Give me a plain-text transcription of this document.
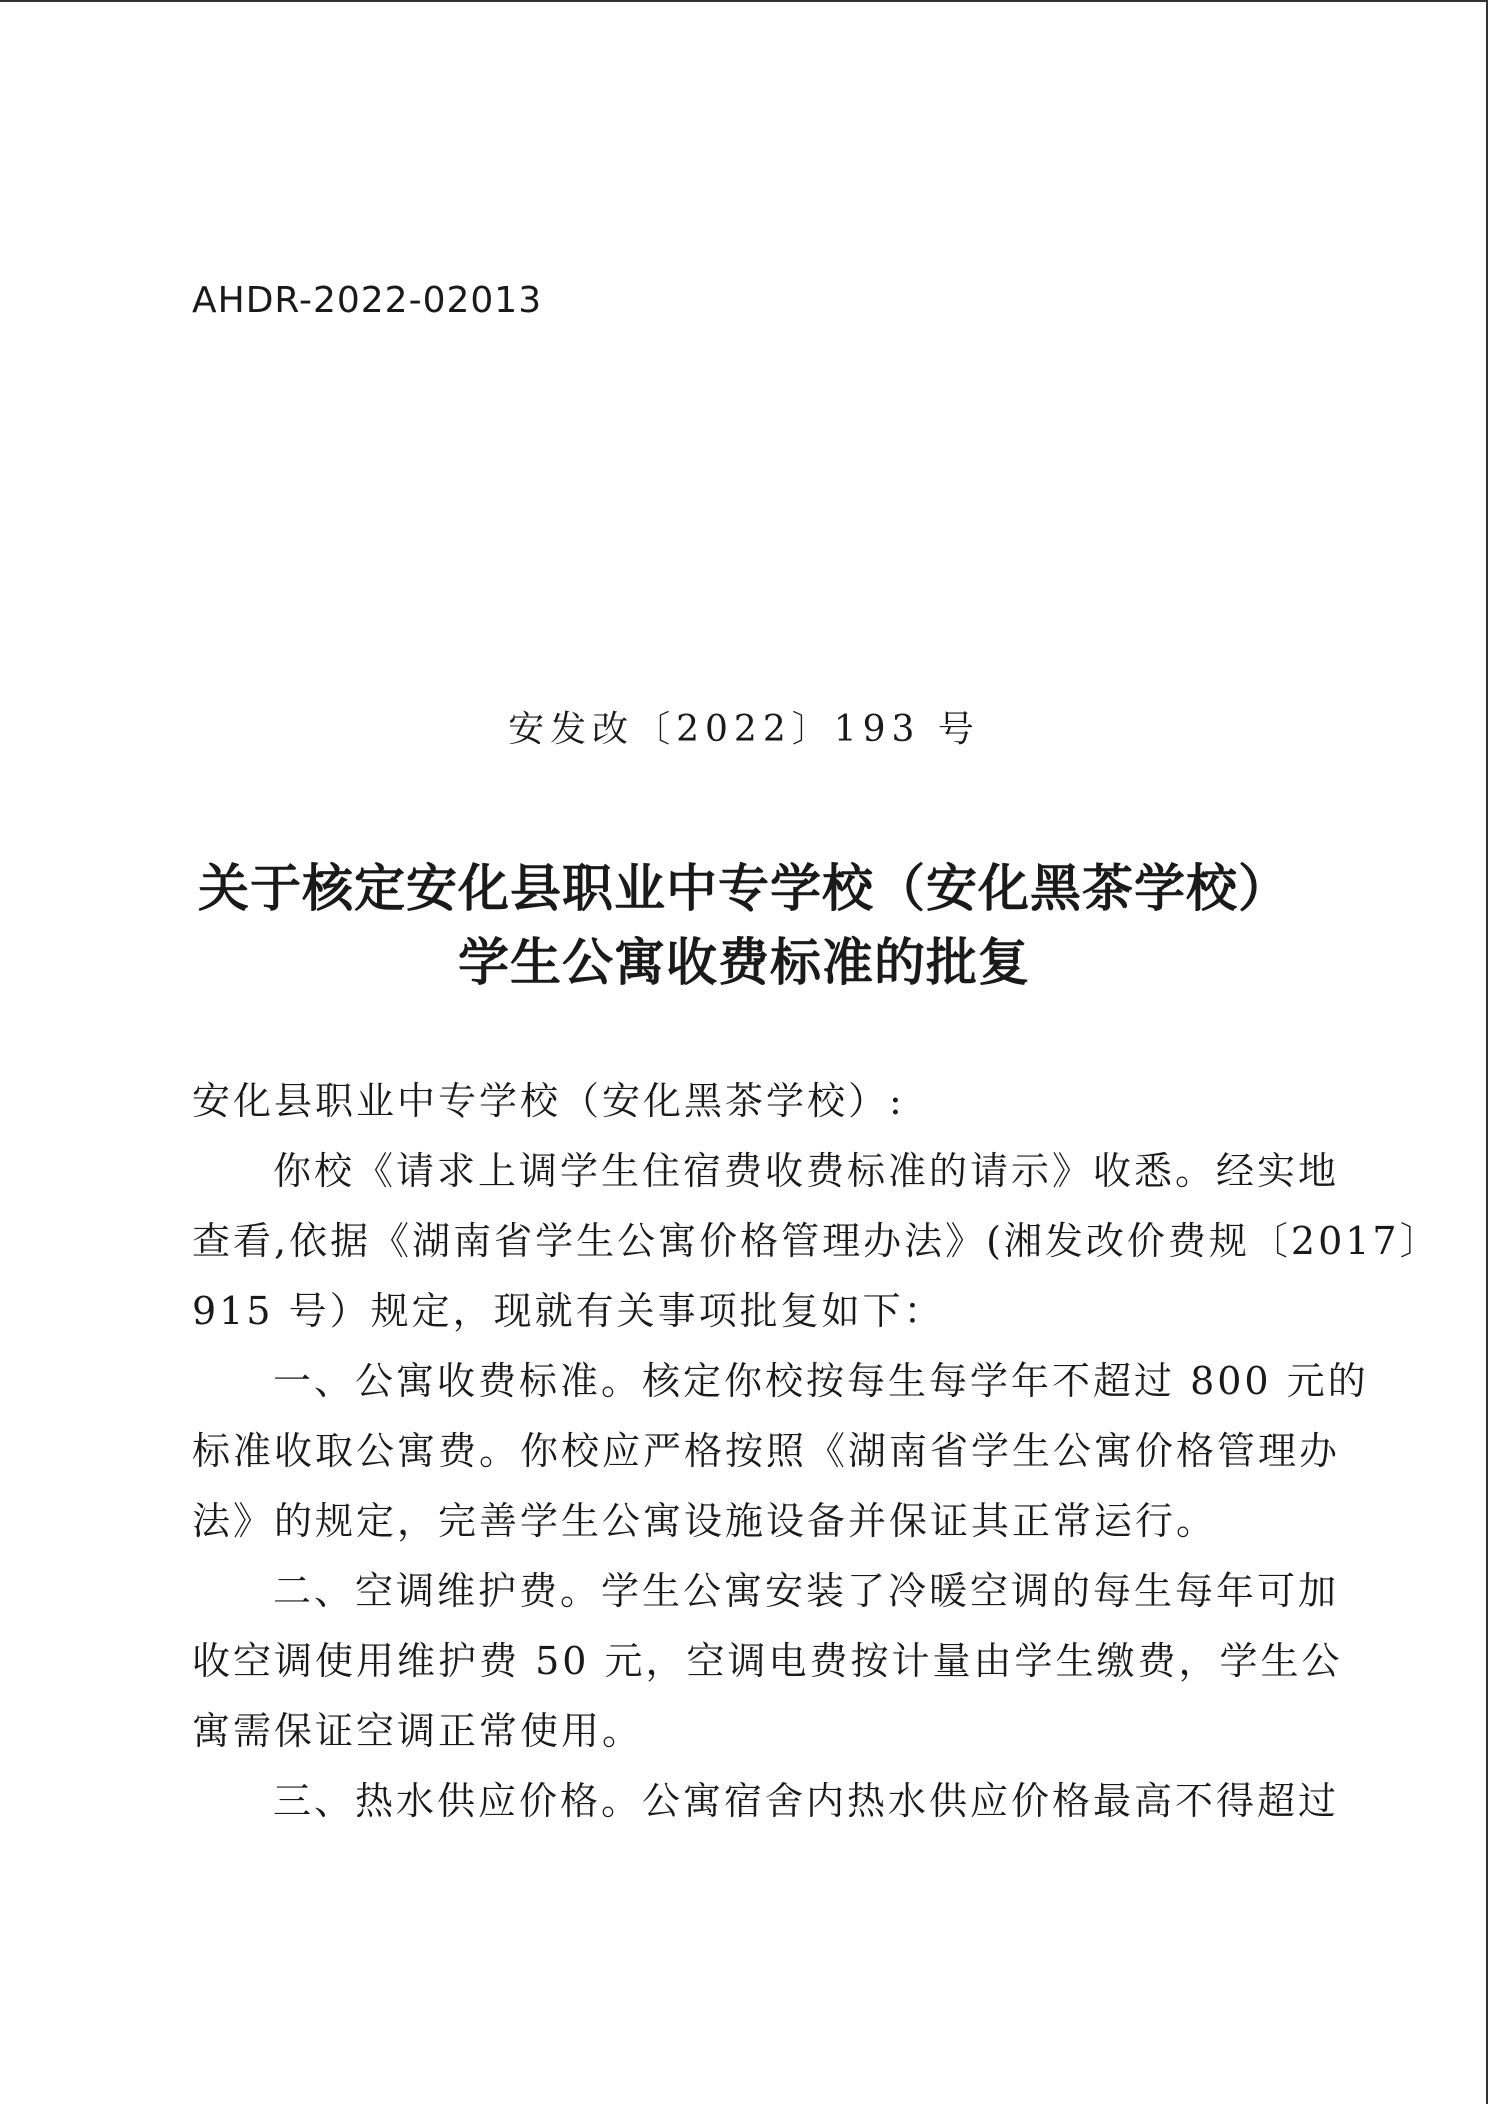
AHDR-2022-02013
安发改〔2022〕193 号
关于核定安化县职业中专学校（安化黑茶学校）
学生公寓收费标准的批复
安化县职业中专学校（安化黑茶学校）:
你校《请求上调学生住宿费收费标准的请示》收悉。经实地
查看,依据《湖南省学生公寓价格管理办法》(湘发改价费规〔2017〕
915 号）规定，现就有关事项批复如下：
一、公寓收费标准。核定你校按每生每学年不超过 800 元的
标准收取公寓费。你校应严格按照《湖南省学生公寓价格管理办
法》的规定，完善学生公寓设施设备并保证其正常运行。
二、空调维护费。学生公寓安装了冷暖空调的每生每年可加
收空调使用维护费 50 元，空调电费按计量由学生缴费，学生公
寓需保证空调正常使用。
三、热水供应价格。公寓宿舍内热水供应价格最高不得超过
